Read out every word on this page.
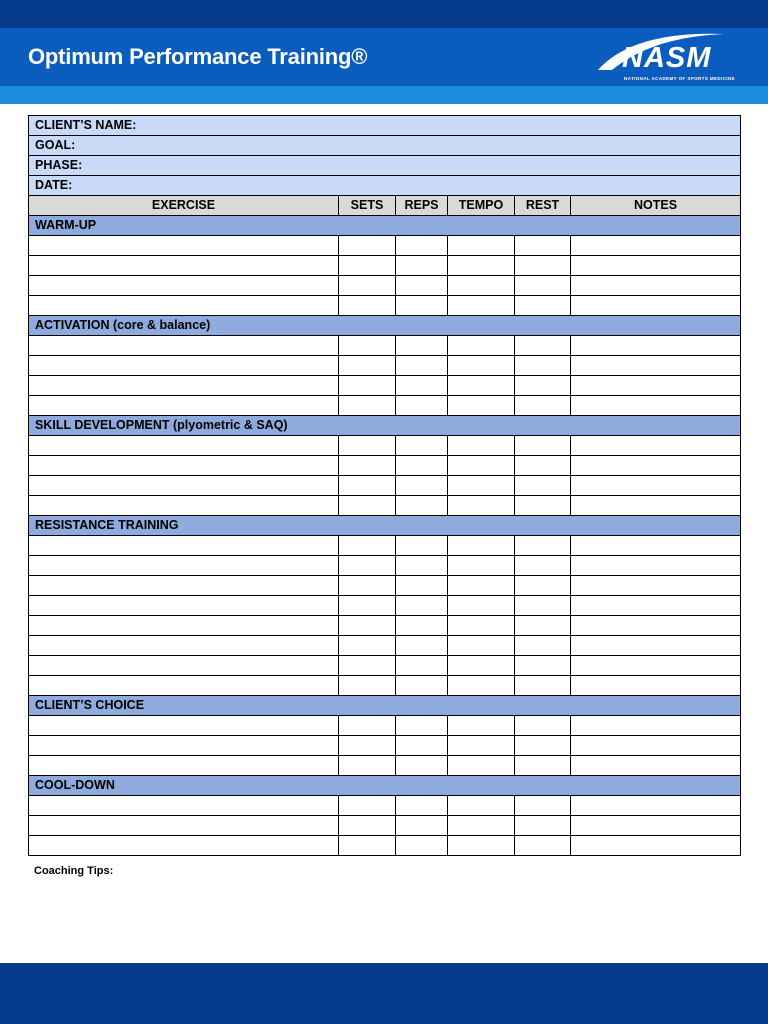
Optimum Performance Training®	NASM
NATIONAL ACADEMY OF SPORTS MEDICINE
CLIENT’S NAME:					
GOAL:					
PHASE:					
DATE:					
EXERCISE	SETS	REPS	TEMPO	REST	NOTES
WARM-UP					

ACTIVATION (core & balance)					

SKILL DEVELOPMENT (plyometric & SAQ)					

RESISTANCE TRAINING					

CLIENT’S CHOICE					

COOL-DOWN					

Coaching Tips:
